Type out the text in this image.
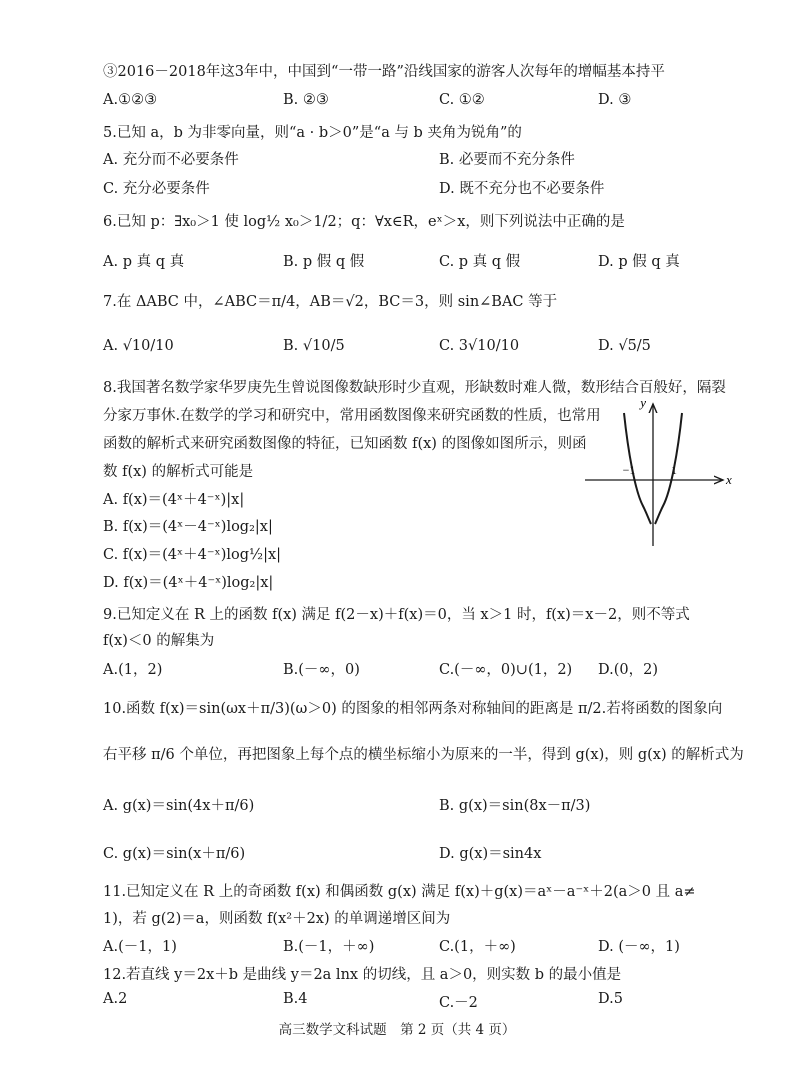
③2016－2018年这3年中，中国到“一带一路”沿线国家的游客人次每年的增幅基本持平
A.①②③	B. ②③	C. ①②	D. ③
5.已知 a，b 为非零向量，则“a · b＞0”是“a 与 b 夹角为锐角”的
A. 充分而不必要条件	B. 必要而不充分条件
C. 充分必要条件	D. 既不充分也不必要条件
6.已知 p：∃x₀＞1 使 log½ x₀＞1/2；q：∀x∈R，eˣ＞x，则下列说法中正确的是
A. p 真 q 真	B. p 假 q 假	C. p 真 q 假	D. p 假 q 真
7.在 ΔABC 中，∠ABC＝π/4，AB＝√2，BC＝3，则 sin∠BAC 等于
A. √10/10	B. √10/5	C. 3√10/10	D. √5/5
8.我国著名数学家华罗庚先生曾说图像数缺形时少直观，形缺数时难人微，数形结合百般好，隔裂
分家万事休.在数学的学习和研究中，常用函数图像来研究函数的性质，也常用
函数的解析式来研究函数图像的特征，已知函数 f(x) 的图像如图所示，则函
数 f(x) 的解析式可能是
A. f(x)＝(4ˣ＋4⁻ˣ)|x|
B. f(x)＝(4ˣ－4⁻ˣ)log₂|x|
C. f(x)＝(4ˣ＋4⁻ˣ)log½|x|
D. f(x)＝(4ˣ＋4⁻ˣ)log₂|x|
y
x
−1	1
9.已知定义在 R 上的函数 f(x) 满足 f(2－x)＋f(x)＝0，当 x＞1 时，f(x)＝x－2，则不等式
f(x)＜0 的解集为
A.(1，2)	B.(－∞，0)	C.(－∞，0)∪(1，2) D.(0，2)
10.函数 f(x)＝sin(ωx＋π/3)(ω＞0) 的图象的相邻两条对称轴间的距离是 π/2.若将函数的图象向
右平移 π/6 个单位，再把图象上每个点的横坐标缩小为原来的一半，得到 g(x)，则 g(x) 的解析式为
A. g(x)＝sin(4x＋π/6)	B. g(x)＝sin(8x－π/3)
C. g(x)＝sin(x＋π/6)	D. g(x)＝sin4x
11.已知定义在 R 上的奇函数 f(x) 和偶函数 g(x) 满足 f(x)＋g(x)＝aˣ－a⁻ˣ＋2(a＞0 且 a≠
1)，若 g(2)＝a，则函数 f(x²＋2x) 的单调递增区间为
A.(－1，1)	B.(－1，＋∞)	C.(1，＋∞)	D. (－∞，1)
12.若直线 y＝2x＋b 是曲线 y＝2a lnx 的切线，且 a＞0，则实数 b 的最小值是
A.2	B.4	C.－2	D.5
高三数学文科试题　第 2 页（共 4 页）
